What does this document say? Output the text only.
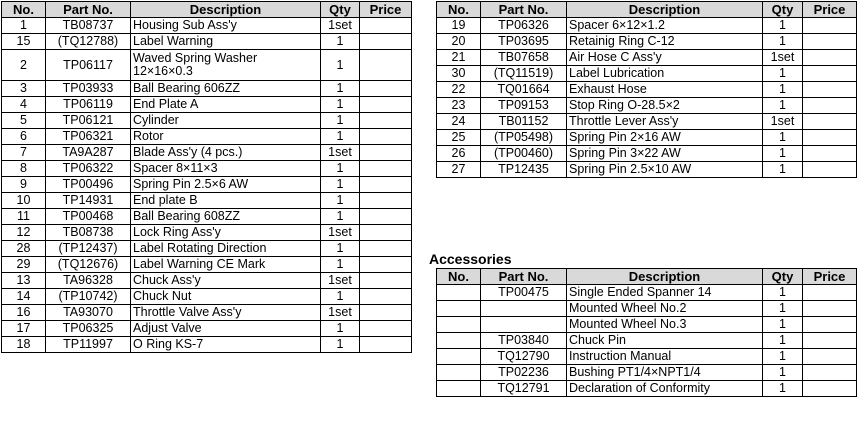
No.	Part No.	Description	Qty	Price
1	TB08737	Housing Sub Ass'y	1set	
15	(TQ12788)	Label Warning	1	
2	TP06117	Waved Spring Washer 12×16×0.3	1	
3	TP03933	Ball Bearing 606ZZ	1	
4	TP06119	End Plate A	1	
5	TP06121	Cylinder	1	
6	TP06321	Rotor	1	
7	TA9A287	Blade Ass'y (4 pcs.)	1set	
8	TP06322	Spacer 8×11×3	1	
9	TP00496	Spring Pin 2.5×6 AW	1	
10	TP14931	End plate B	1	
11	TP00468	Ball Bearing 608ZZ	1	
12	TB08738	Lock Ring Ass'y	1set	
28	(TP12437)	Label Rotating Direction	1	
29	(TQ12676)	Label Warning CE Mark	1	
13	TA96328	Chuck Ass'y	1set	
14	(TP10742)	Chuck Nut	1	
16	TA93070	Throttle Valve Ass'y	1set	
17	TP06325	Adjust Valve	1	
18	TP11997	O Ring KS-7	1	
No.	Part No.	Description	Qty	Price
19	TP06326	Spacer 6×12×1.2	1	
20	TP03695	Retainig Ring C-12	1	
21	TB07658	Air Hose C Ass'y	1set	
30	(TQ11519)	Label Lubrication	1	
22	TQ01664	Exhaust Hose	1	
23	TP09153	Stop Ring O-28.5×2	1	
24	TB01152	Throttle Lever Ass'y	1set	
25	(TP05498)	Spring Pin 2×16 AW	1	
26	(TP00460)	Spring Pin 3×22 AW	1	
27	TP12435	Spring Pin 2.5×10 AW	1	
Accessories
No.	Part No.	Description	Qty	Price
	TP00475	Single Ended Spanner 14	1	
		Mounted Wheel No.2	1	
		Mounted Wheel No.3	1	
	TP03840	Chuck Pin	1	
	TQ12790	Instruction Manual	1	
	TP02236	Bushing PT1/4×NPT1/4	1	
	TQ12791	Declaration of Conformity	1	
